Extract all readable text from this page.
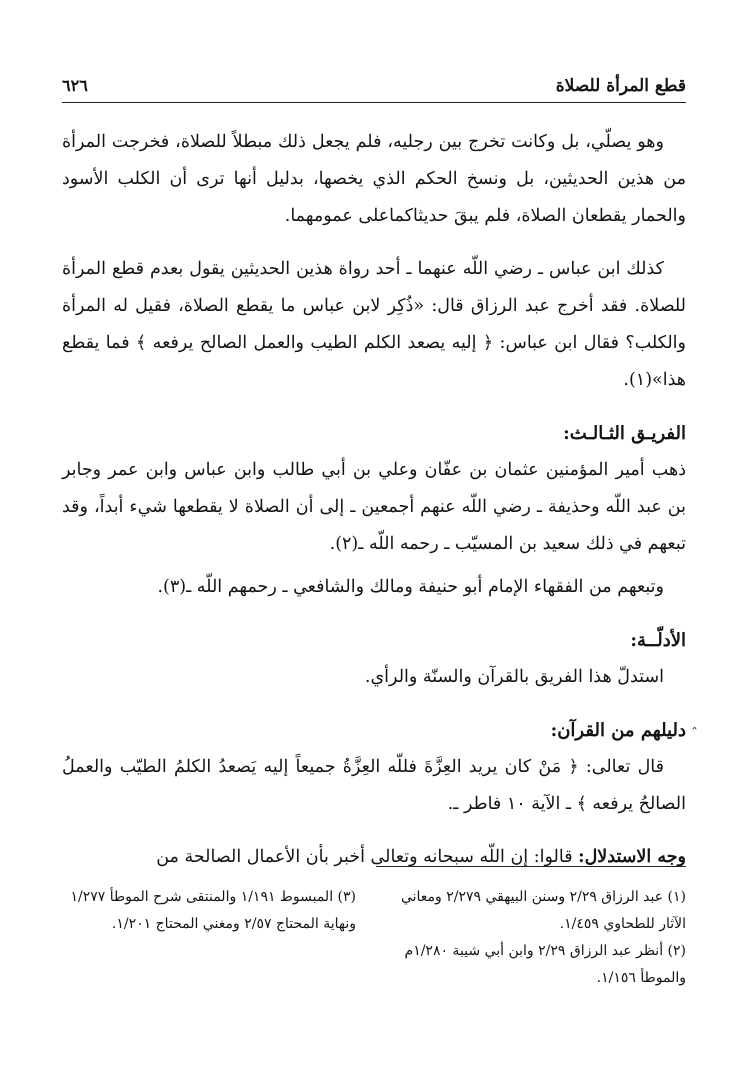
قطع المرأة للصلاة
٦٢٦

وهو يصلّي، بل وكانت تخرج بين رجليه، فلم يجعل ذلك مبطلاً للصلاة، فخرجت المرأة من هذين الحديثين، بل ونسخ الحكم الذي يخصها، بدليل أنها ترى أن الكلب الأسود والحمار يقطعان الصلاة، فلم يبقَ حديثاكماعلى عمومهما.

كذلك ابن عباس ـ رضي اللّه عنهما ـ أحد رواة هذين الحديثين يقول بعدم قطع المرأة للصلاة. فقد أخرج عبد الرزاق قال: «ذُكِر لابن عباس ما يقطع الصلاة، فقيل له المرأة والكلب؟ فقال ابن عباس: ﴿ إليه يصعد الكلم الطيب والعمل الصالح يرفعه ﴾ فما يقطع هذا»(١).

الفريـق الثـالـث:

ذهب أمير المؤمنين عثمان بن عفّان وعلي بن أبي طالب وابن عباس وابن عمر وجابر بن عبد اللّه وحذيفة ـ رضي اللّه عنهم أجمعين ـ إلى أن الصلاة لا يقطعها شيء أبداً، وقد تبعهم في ذلك سعيد بن المسيّب ـ رحمه اللّه ـ(٢).

وتبعهم من الفقهاء الإمام أبو حنيفة ومالك والشافعي ـ رحمهم اللّه ـ(٣).

الأدلّــة:

استدلّ هذا الفريق بالقرآن والسنّة والرأي.

دليلهم من القرآن:

قال تعالى: ﴿ مَنْ كان يريد العِزَّةَ فللّه العِزَّةُ جميعاً إليه يَصعدُ الكلمُ الطيّب والعملُ الصالحُ يرفعه ﴾ ـ الآية ١٠ فاطر ـ.

وجه الاستدلال: قالوا: إن اللّه سبحانه وتعالى أخبر بأن الأعمال الصالحة من

ˆ

(١) عبد الرزاق ٢/٢٩ وسنن البيهقي ٢/٢٧٩ ومعاني الآثار للطحاوي ١/٤٥٩.

(٢) أنظر عبد الرزاق ٢/٢٩ وابن أبي شيبة ١/٢٨٠م والموطأ ١/١٥٦.

(٣) المبسوط ١/١٩١ والمنتقى شرح الموطأ ١/٢٧٧ ونهاية المحتاج ٢/٥٧ ومغني المحتاج ١/٢٠١.
